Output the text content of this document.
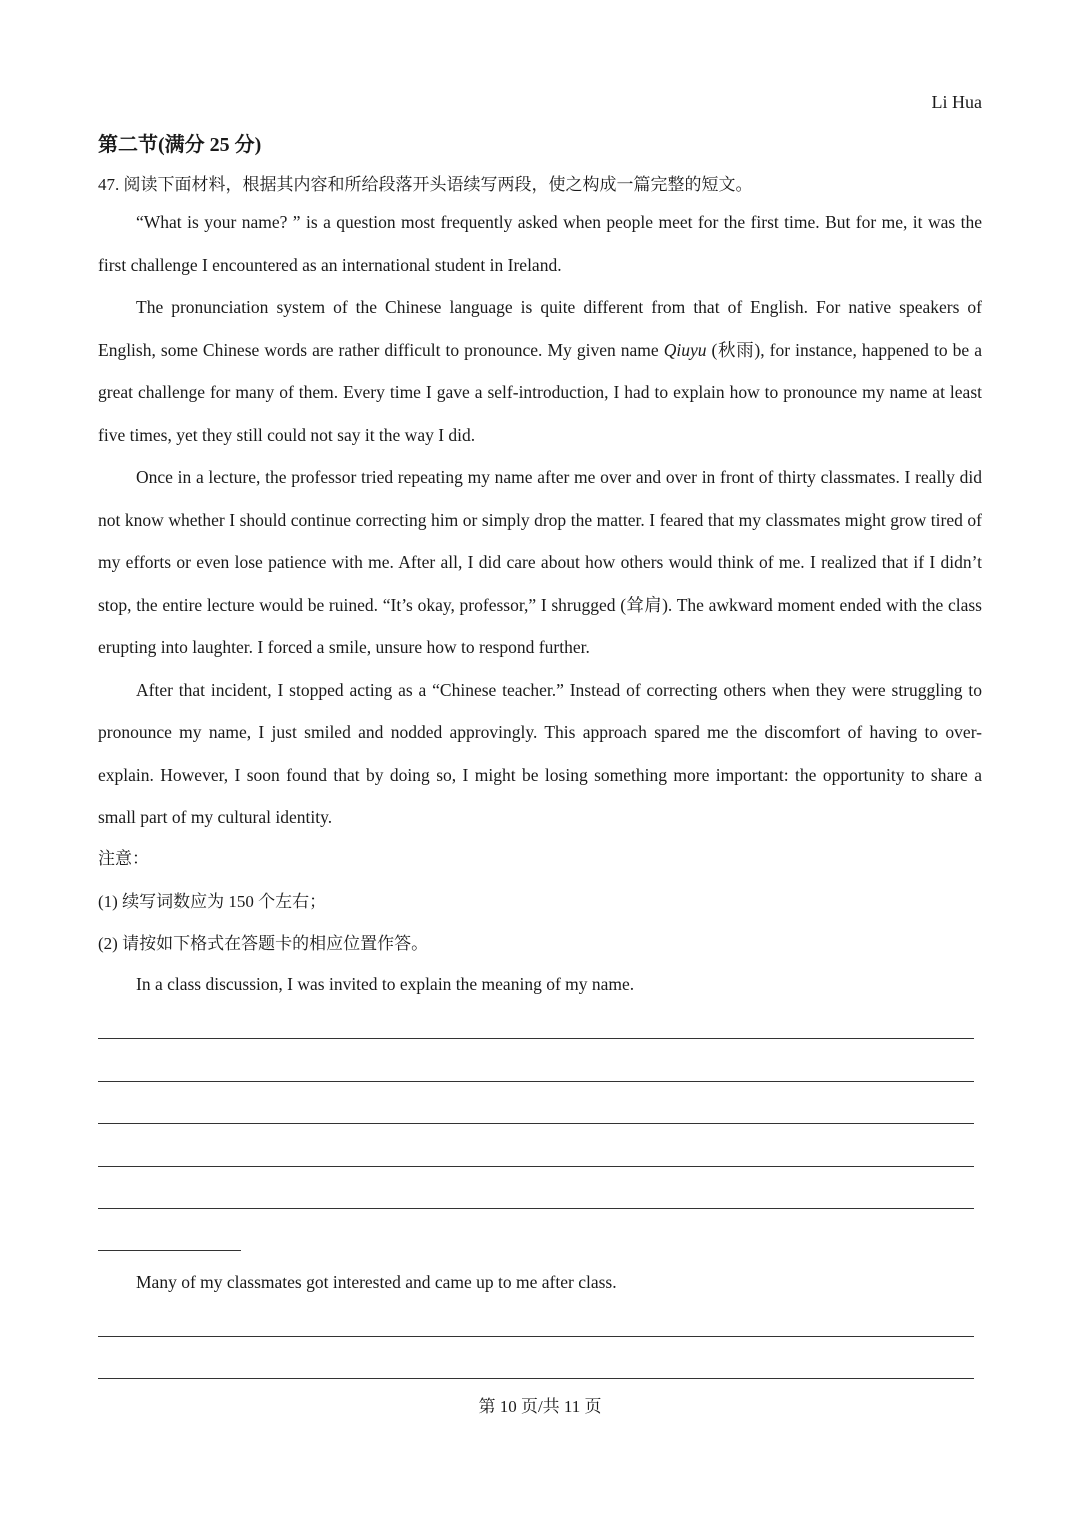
Li Hua
第二节(满分 25 分)
47. 阅读下面材料，根据其内容和所给段落开头语续写两段，使之构成一篇完整的短文。

“What is your name? ” is a question most frequently asked when people meet for the first time. But for me, it was the first challenge I encountered as an international student in Ireland.

The pronunciation system of the Chinese language is quite different from that of English. For native speakers of English, some Chinese words are rather difficult to pronounce. My given name Qiuyu (秋雨), for instance, happened to be a great challenge for many of them. Every time I gave a self-introduction, I had to explain how to pronounce my name at least five times, yet they still could not say it the way I did.

Once in a lecture, the professor tried repeating my name after me over and over in front of thirty classmates. I really did not know whether I should continue correcting him or simply drop the matter. I feared that my classmates might grow tired of my efforts or even lose patience with me. After all, I did care about how others would think of me. I realized that if I didn’t stop, the entire lecture would be ruined. “It’s okay, professor,” I shrugged (耸肩). The awkward moment ended with the class erupting into laughter. I forced a smile, unsure how to respond further.

After that incident, I stopped acting as a “Chinese teacher.” Instead of correcting others when they were struggling to pronounce my name, I just smiled and nodded approvingly. This approach spared me the discomfort of having to over-explain. However, I soon found that by doing so, I might be losing something more important: the opportunity to share a small part of my cultural identity.

注意：
(1) 续写词数应为 150 个左右；
(2) 请按如下格式在答题卡的相应位置作答。
In a class discussion, I was invited to explain the meaning of my name.
Many of my classmates got interested and came up to me after class.
第 10 页/共 11 页
